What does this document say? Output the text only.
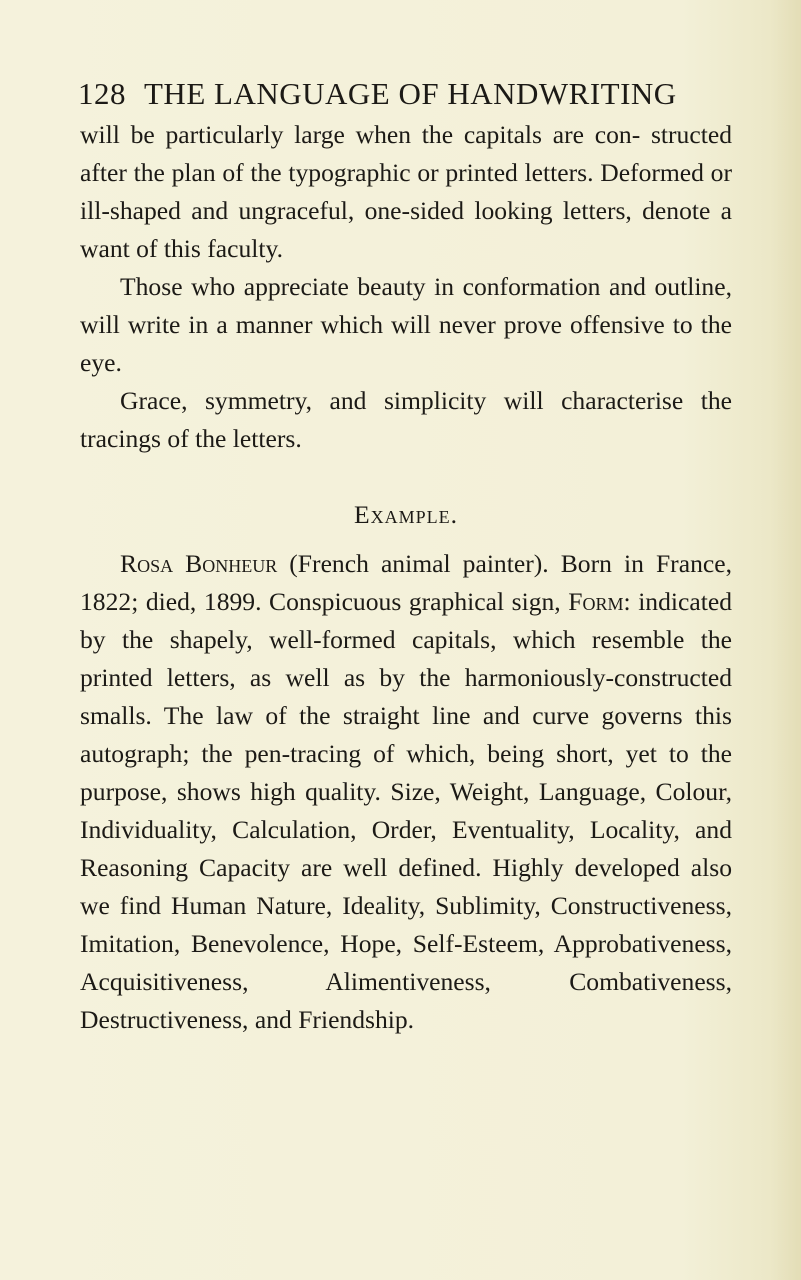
128 THE LANGUAGE OF HANDWRITING

will be particularly large when the capitals are con- structed after the plan of the typographic or printed letters. Deformed or ill-shaped and ungraceful, one-sided looking letters, denote a want of this faculty.

Those who appreciate beauty in conformation and outline, will write in a manner which will never prove offensive to the eye.

Grace, symmetry, and simplicity will characterise the tracings of the letters.

Example.

Rosa Bonheur (French animal painter). Born in France, 1822; died, 1899. Conspicuous graphical sign, Form: indicated by the shapely, well-formed capitals, which resemble the printed letters, as well as by the harmoniously-constructed smalls. The law of the straight line and curve governs this autograph; the pen-tracing of which, being short, yet to the purpose, shows high quality. Size, Weight, Language, Colour, Individuality, Calculation, Order, Eventuality, Locality, and Reasoning Capacity are well defined. Highly developed also we find Human Nature, Ideality, Sublimity, Constructiveness, Imitation, Benevolence, Hope, Self-Esteem, Approbativeness, Acquisitiveness, Alimentiveness, Combativeness, Destructiveness, and Friendship.
